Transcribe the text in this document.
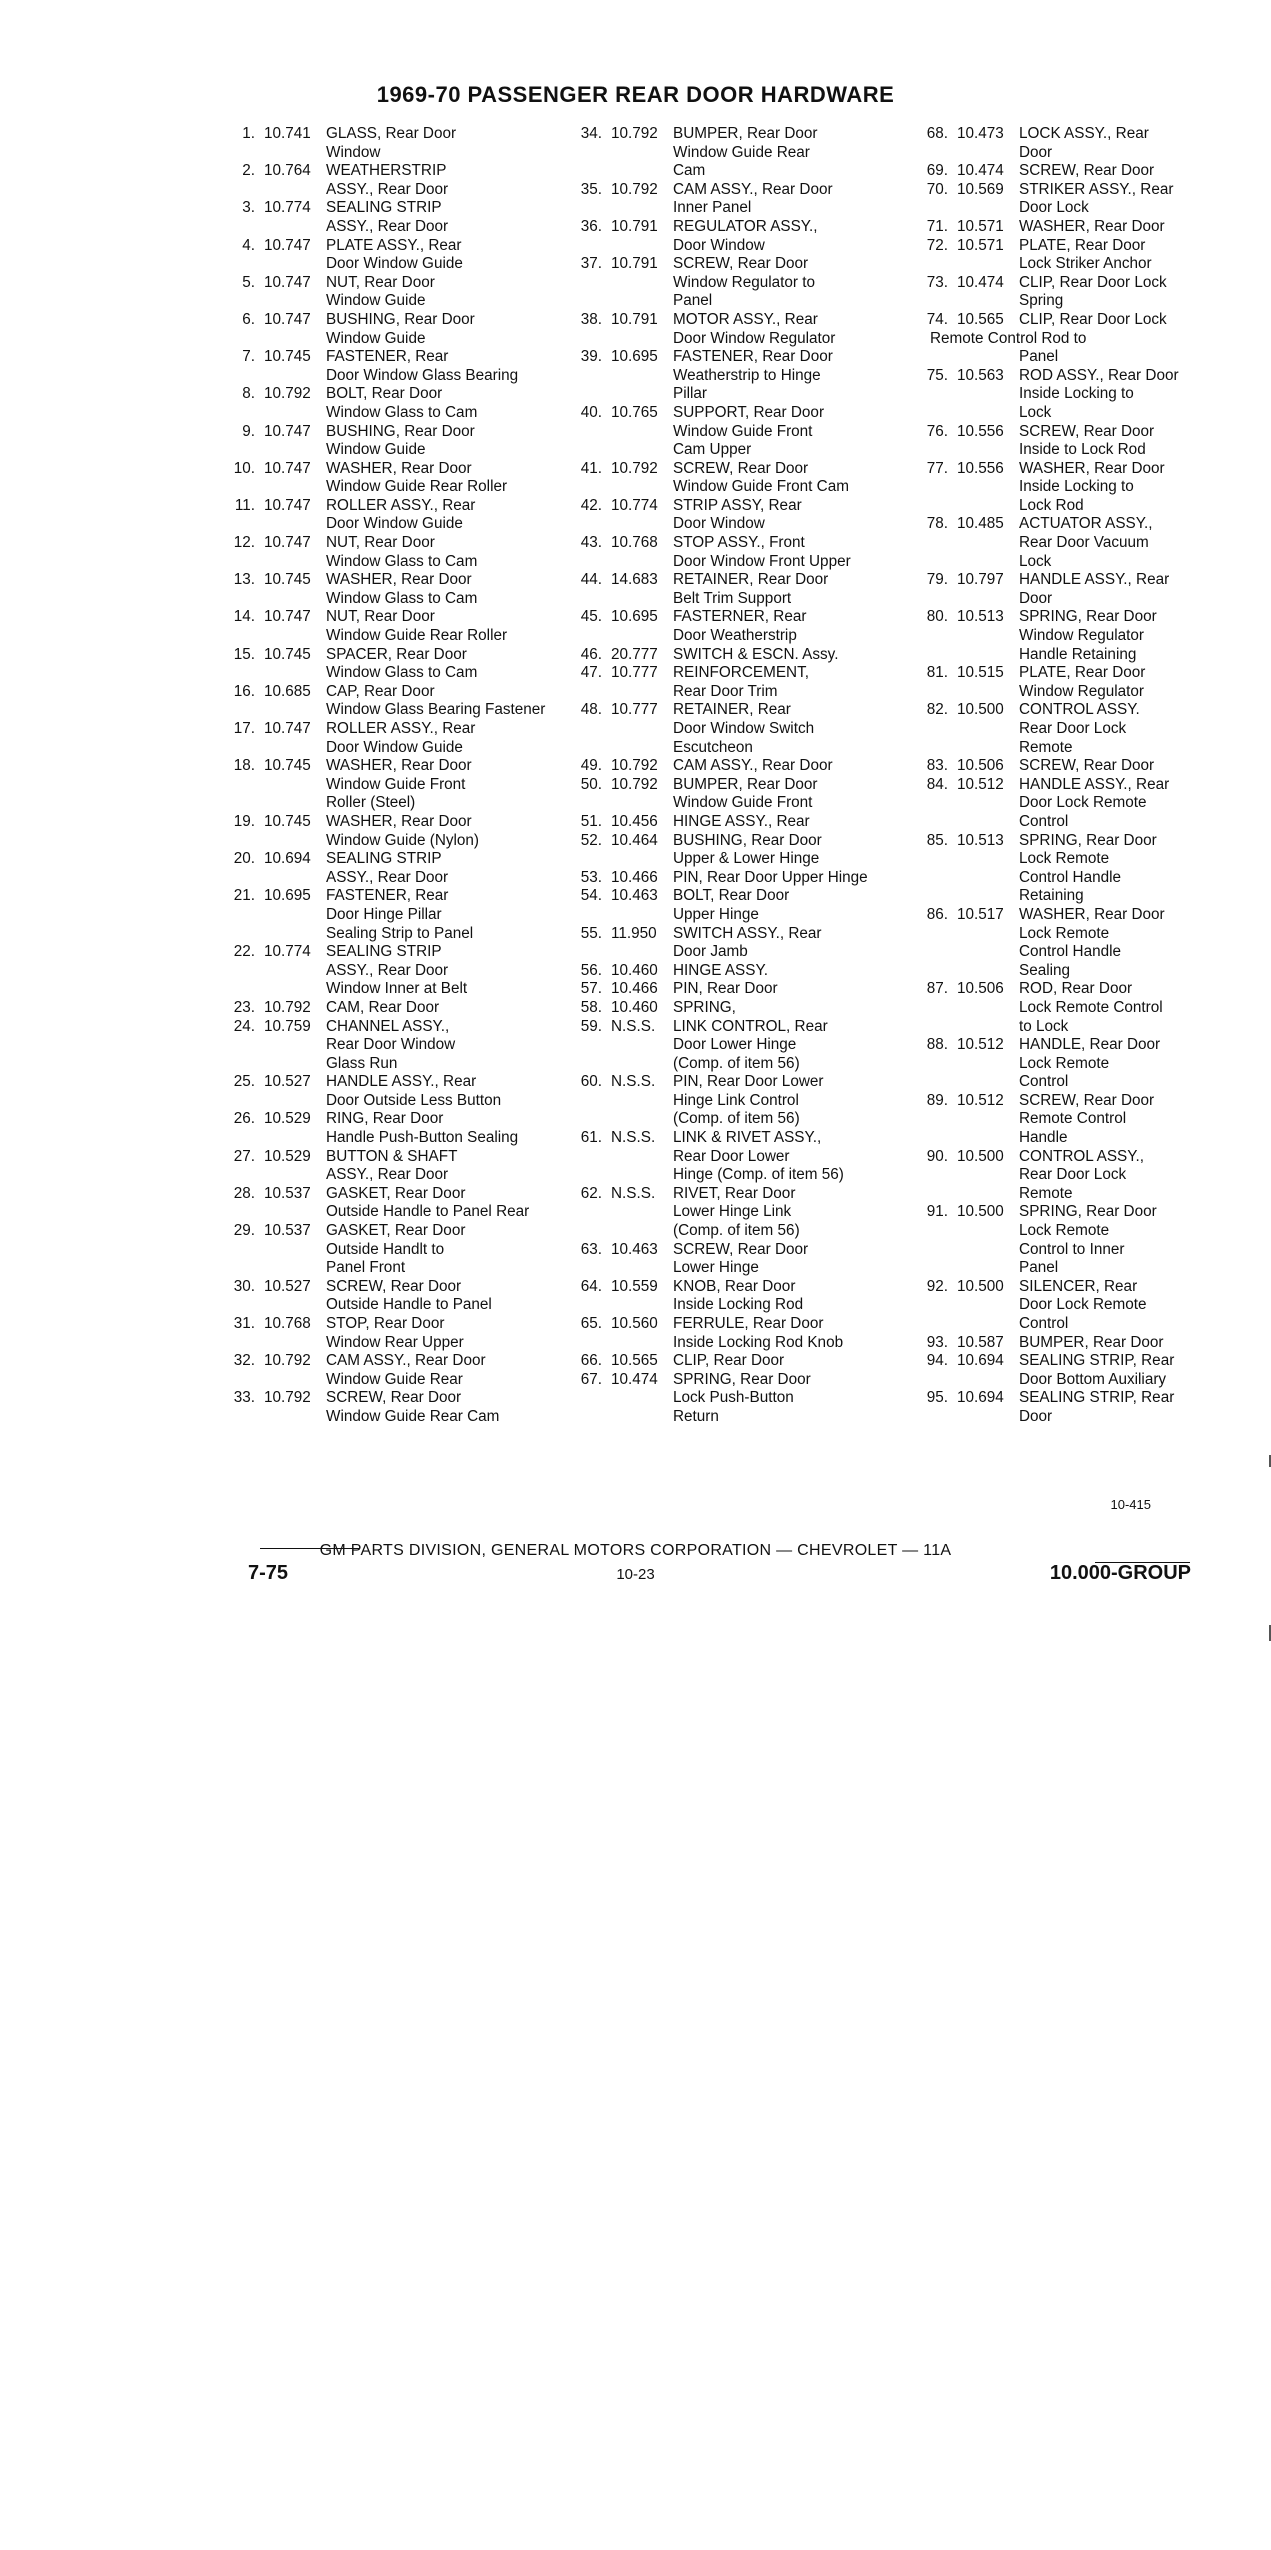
1969-70 PASSENGER REAR DOOR HARDWARE
1. 10.741 GLASS, Rear Door
Window
2. 10.764 WEATHERSTRIP
ASSY., Rear Door
3. 10.774 SEALING STRIP
ASSY., Rear Door
4. 10.747 PLATE ASSY., Rear
Door Window Guide
5. 10.747 NUT, Rear Door
Window Guide
6. 10.747 BUSHING, Rear Door
Window Guide
7. 10.745 FASTENER, Rear
Door Window Glass Bearing
8. 10.792 BOLT, Rear Door
Window Glass to Cam
9. 10.747 BUSHING, Rear Door
Window Guide
10. 10.747 WASHER, Rear Door
Window Guide Rear Roller
11. 10.747 ROLLER ASSY., Rear
Door Window Guide
12. 10.747 NUT, Rear Door
Window Glass to Cam
13. 10.745 WASHER, Rear Door
Window Glass to Cam
14. 10.747 NUT, Rear Door
Window Guide Rear Roller
15. 10.745 SPACER, Rear Door
Window Glass to Cam
16. 10.685 CAP, Rear Door
Window Glass Bearing Fastener
17. 10.747 ROLLER ASSY., Rear
Door Window Guide
18. 10.745 WASHER, Rear Door
Window Guide Front
Roller (Steel)
19. 10.745 WASHER, Rear Door
Window Guide (Nylon)
20. 10.694 SEALING STRIP
ASSY., Rear Door
21. 10.695 FASTENER, Rear
Door Hinge Pillar
Sealing Strip to Panel
22. 10.774 SEALING STRIP
ASSY., Rear Door
Window Inner at Belt
23. 10.792 CAM, Rear Door
24. 10.759 CHANNEL ASSY.,
Rear Door Window
Glass Run
25. 10.527 HANDLE ASSY., Rear
Door Outside Less Button
26. 10.529 RING, Rear Door
Handle Push-Button Sealing
27. 10.529 BUTTON & SHAFT
ASSY., Rear Door
28. 10.537 GASKET, Rear Door
Outside Handle to Panel Rear
29. 10.537 GASKET, Rear Door
Outside Handlt to
Panel Front
30. 10.527 SCREW, Rear Door
Outside Handle to Panel
31. 10.768 STOP, Rear Door
Window Rear Upper
32. 10.792 CAM ASSY., Rear Door
Window Guide Rear
33. 10.792 SCREW, Rear Door
Window Guide Rear Cam
34. 10.792 BUMPER, Rear Door
Window Guide Rear
Cam
35. 10.792 CAM ASSY., Rear Door
Inner Panel
36. 10.791 REGULATOR ASSY.,
Door Window
37. 10.791 SCREW, Rear Door
Window Regulator to
Panel
38. 10.791 MOTOR ASSY., Rear
Door Window Regulator
39. 10.695 FASTENER, Rear Door
Weatherstrip to Hinge
Pillar
40. 10.765 SUPPORT, Rear Door
Window Guide Front
Cam Upper
41. 10.792 SCREW, Rear Door
Window Guide Front Cam
42. 10.774 STRIP ASSY, Rear
Door Window
43. 10.768 STOP ASSY., Front
Door Window Front Upper
44. 14.683 RETAINER, Rear Door
Belt Trim Support
45. 10.695 FASTERNER, Rear
Door Weatherstrip
46. 20.777 SWITCH & ESCN. Assy.
47. 10.777 REINFORCEMENT,
Rear Door Trim
48. 10.777 RETAINER, Rear
Door Window Switch
Escutcheon
49. 10.792 CAM ASSY., Rear Door
50. 10.792 BUMPER, Rear Door
Window Guide Front
51. 10.456 HINGE ASSY., Rear
52. 10.464 BUSHING, Rear Door
Upper & Lower Hinge
53. 10.466 PIN, Rear Door Upper Hinge
54. 10.463 BOLT, Rear Door
Upper Hinge
55. 11.950	SWITCH ASSY., Rear
Door Jamb
56. 10.460 HINGE ASSY.
57. 10.466 PIN, Rear Door
58. 10.460 SPRING,
59. N.S.S.	LINK CONTROL, Rear
Door Lower Hinge
(Comp. of item 56)
60. N.S.S.	PIN, Rear Door Lower
Hinge Link Control
(Comp. of item 56)
61. N.S.S.	LINK & RIVET ASSY.,
Rear Door Lower
Hinge (Comp. of item 56)
62. N.S.S.	RIVET, Rear Door
Lower Hinge Link
(Comp. of item 56)
63. 10.463 SCREW, Rear Door
Lower Hinge
64. 10.559 KNOB, Rear Door
Inside Locking Rod
65. 10.560 FERRULE, Rear Door
Inside Locking Rod Knob
66. 10.565 CLIP, Rear Door
67. 10.474 SPRING, Rear Door
Lock Push-Button
Return
68. 10.473 LOCK ASSY., Rear
Door
69. 10.474 SCREW, Rear Door
70. 10.569 STRIKER ASSY., Rear
Door Lock
71. 10.571 WASHER, Rear Door
72. 10.571 PLATE, Rear Door
Lock Striker Anchor
73. 10.474 CLIP, Rear Door Lock
Spring
74. 10.565 CLIP, Rear Door Lock
Remote Control Rod to
Panel
75. 10.563 ROD ASSY., Rear Door
Inside Locking to
Lock
76. 10.556 SCREW, Rear Door
Inside to Lock Rod
77. 10.556 WASHER, Rear Door
Inside Locking to
Lock Rod
78. 10.485 ACTUATOR ASSY.,
Rear Door Vacuum
Lock
79. 10.797 HANDLE ASSY., Rear
Door
80. 10.513 SPRING, Rear Door
Window Regulator
Handle Retaining
81. 10.515 PLATE, Rear Door
Window Regulator
82. 10.500 CONTROL ASSY.
Rear Door Lock
Remote
83. 10.506 SCREW, Rear Door
84. 10.512 HANDLE ASSY., Rear
Door Lock Remote
Control
85. 10.513 SPRING, Rear Door
Lock Remote
Control Handle
Retaining
86. 10.517 WASHER, Rear Door
Lock Remote
Control Handle
Sealing
87. 10.506 ROD, Rear Door
Lock Remote Control
to Lock
88. 10.512 HANDLE, Rear Door
Lock Remote
Control
89. 10.512 SCREW, Rear Door
Remote Control
Handle
90. 10.500 CONTROL ASSY.,
Rear Door Lock
Remote
91. 10.500 SPRING, Rear Door
Lock Remote
Control to Inner
Panel
92. 10.500 SILENCER, Rear
Door Lock Remote
Control
93. 10.587 BUMPER, Rear Door
94. 10.694 SEALING STRIP, Rear
Door Bottom Auxiliary
95. 10.694 SEALING STRIP, Rear
Door
10-415
GM PARTS DIVISION, GENERAL MOTORS CORPORATION — CHEVROLET — 11A
7-75	10-23	10.000-GROUP
